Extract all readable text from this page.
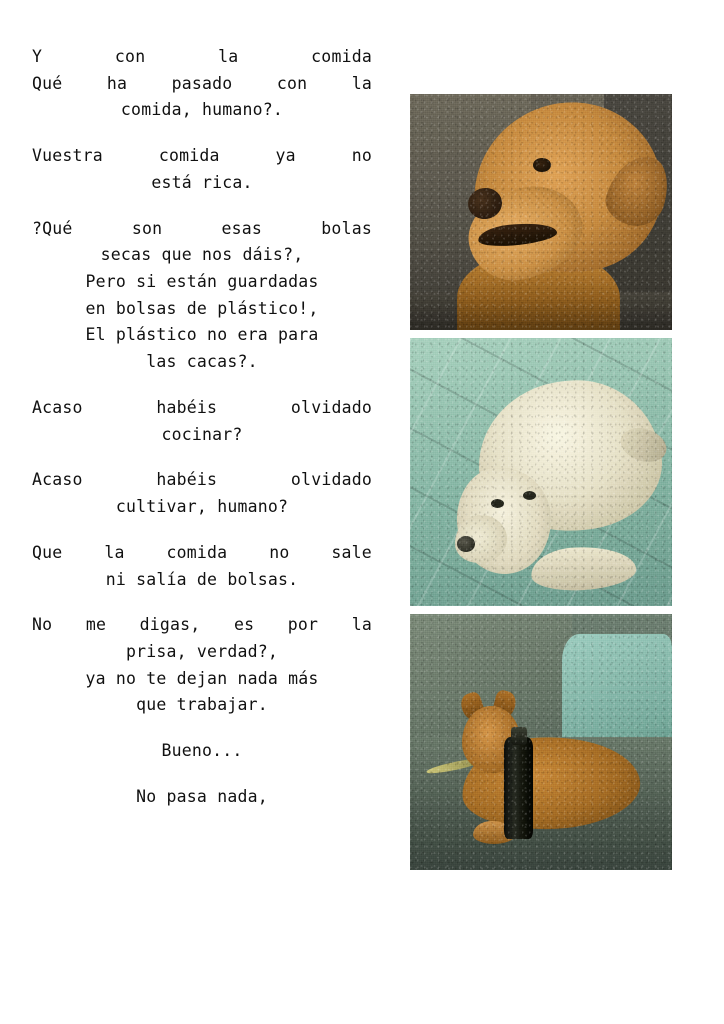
Y	con	la	comida
Qué	ha	pasado	con	la
comida, humano?.
Vuestra	comida	ya	no
está rica.
?Qué	son	esas	bolas
secas que nos dáis?,
Pero si están guardadas
en bolsas de plástico!,
El plástico no era para
las cacas?.
Acaso	habéis	olvidado
cocinar?
Acaso	habéis	olvidado
cultivar, humano?
Que	la	comida	no	sale
ni salía de bolsas.
No me digas, es por la
prisa, verdad?,
ya no te dejan nada más
que trabajar.
Bueno...
No pasa nada,
